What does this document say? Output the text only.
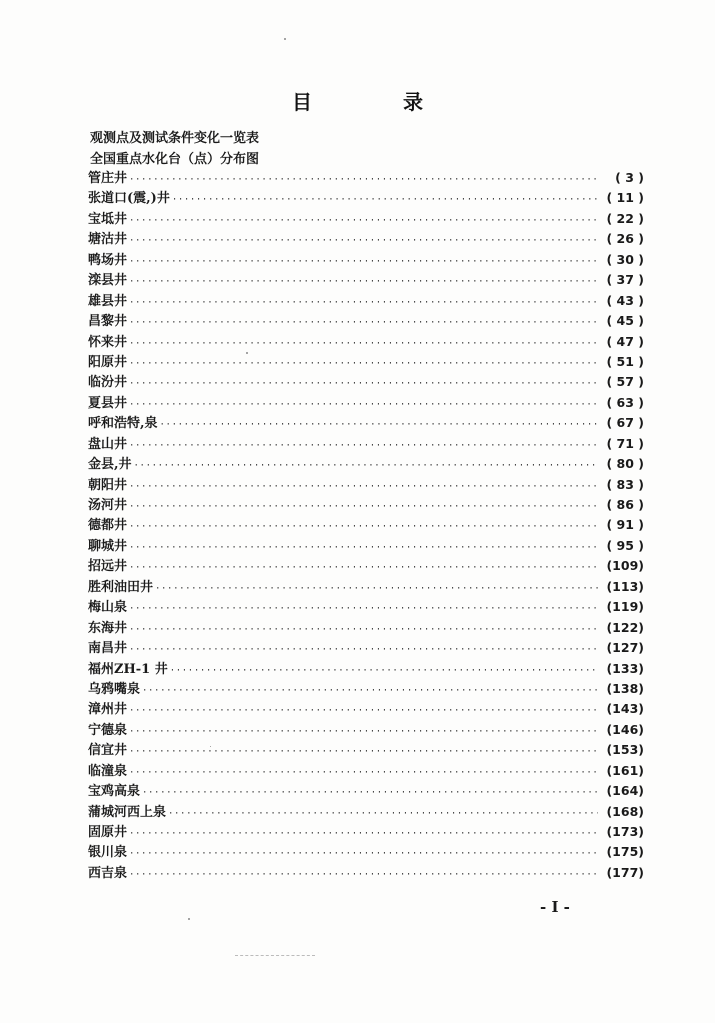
目 录
观测点及测试条件变化一览表
全国重点水化台（点）分布图
管庄井 ·····	( 3 )
张道口(震,)井 ·····	( 11 )
宝坻井 ·····	( 22 )
塘沽井 ·····	( 26 )
鸭场井 ·····	( 30 )
滦县井 ·····	( 37 )
雄县井 ·····	( 43 )
昌黎井 ·····	( 45 )
怀来井 ·····	( 47 )
阳原井 ·····	( 51 )
临汾井 ·····	( 57 )
夏县井 ·····	( 63 )
呼和浩特,泉 ·····	( 67 )
盘山井 ·····	( 71 )
金县,井 ·····	( 80 )
朝阳井 ·····	( 83 )
汤河井 ·····	( 86 )
德都井 ·····	( 91 )
聊城井 ·····	( 95 )
招远井 ·····	(109)
胜利油田井 ·····	(113)
梅山泉 ·····	(119)
东海井 ·····	(122)
南昌井 ·····	(127)
福州ZH-1 井 ·····	(133)
乌鸦嘴泉 ·····	(138)
漳州井 ·····	(143)
宁德泉 ·····	(146)
信宜井 ·····	(153)
临潼泉 ·····	(161)
宝鸡高泉 ·····	(164)
蒲城河西上泉 ·····	(168)
固原井 ·····	(173)
银川泉 ·····	(175)
西吉泉 ·····	(177)
- I -
